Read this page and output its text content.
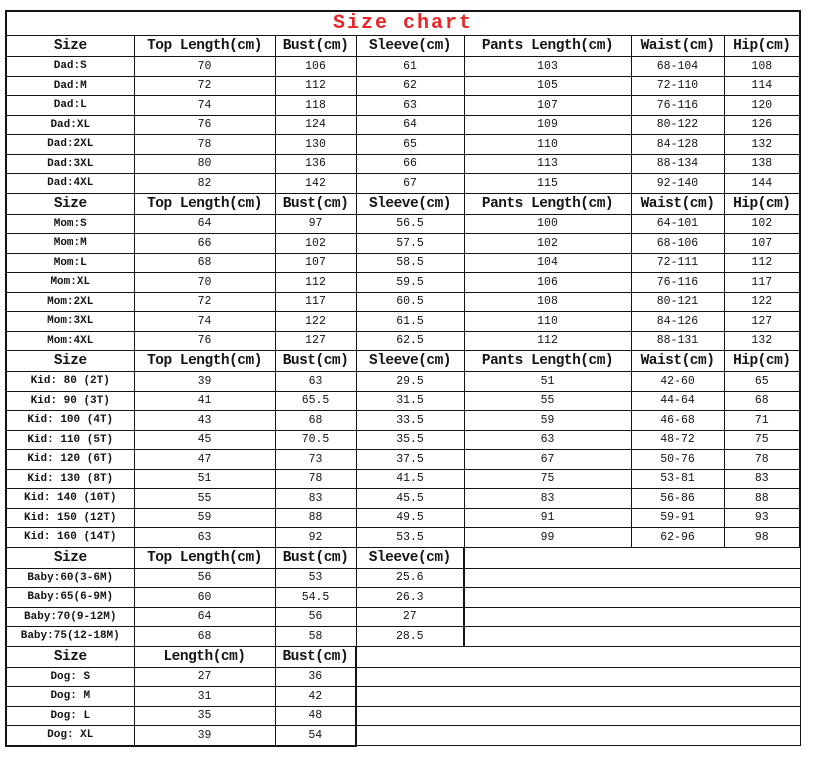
Size chart						
Size	Top Length(cm)	Bust(cm)	Sleeve(cm)	Pants Length(cm)	Waist(cm)	Hip(cm)
Dad:S	70	106	61	103	68-104	108
Dad:M	72	112	62	105	72-110	114
Dad:L	74	118	63	107	76-116	120
Dad:XL	76	124	64	109	80-122	126
Dad:2XL	78	130	65	110	84-128	132
Dad:3XL	80	136	66	113	88-134	138
Dad:4XL	82	142	67	115	92-140	144
Size	Top Length(cm)	Bust(cm)	Sleeve(cm)	Pants Length(cm)	Waist(cm)	Hip(cm)
Mom:S	64	97	56.5	100	64-101	102
Mom:M	66	102	57.5	102	68-106	107
Mom:L	68	107	58.5	104	72-111	112
Mom:XL	70	112	59.5	106	76-116	117
Mom:2XL	72	117	60.5	108	80-121	122
Mom:3XL	74	122	61.5	110	84-126	127
Mom:4XL	76	127	62.5	112	88-131	132
Size	Top Length(cm)	Bust(cm)	Sleeve(cm)	Pants Length(cm)	Waist(cm)	Hip(cm)
Kid: 80 (2T)	39	63	29.5	51	42-60	65
Kid: 90 (3T)	41	65.5	31.5	55	44-64	68
Kid: 100 (4T)	43	68	33.5	59	46-68	71
Kid: 110 (5T)	45	70.5	35.5	63	48-72	75
Kid: 120 (6T)	47	73	37.5	67	50-76	78
Kid: 130 (8T)	51	78	41.5	75	53-81	83
Kid: 140 (10T)	55	83	45.5	83	56-86	88
Kid: 150 (12T)	59	88	49.5	91	59-91	93
Kid: 160 (14T)	63	92	53.5	99	62-96	98
Size	Top Length(cm)	Bust(cm)	Sleeve(cm)			
Baby:60(3-6M)	56	53	25.6			
Baby:65(6-9M)	60	54.5	26.3			
Baby:70(9-12M)	64	56	27			
Baby:75(12-18M)	68	58	28.5			
Size	Length(cm)	Bust(cm)				
Dog: S	27	36				
Dog: M	31	42				
Dog: L	35	48				
Dog: XL	39	54				
